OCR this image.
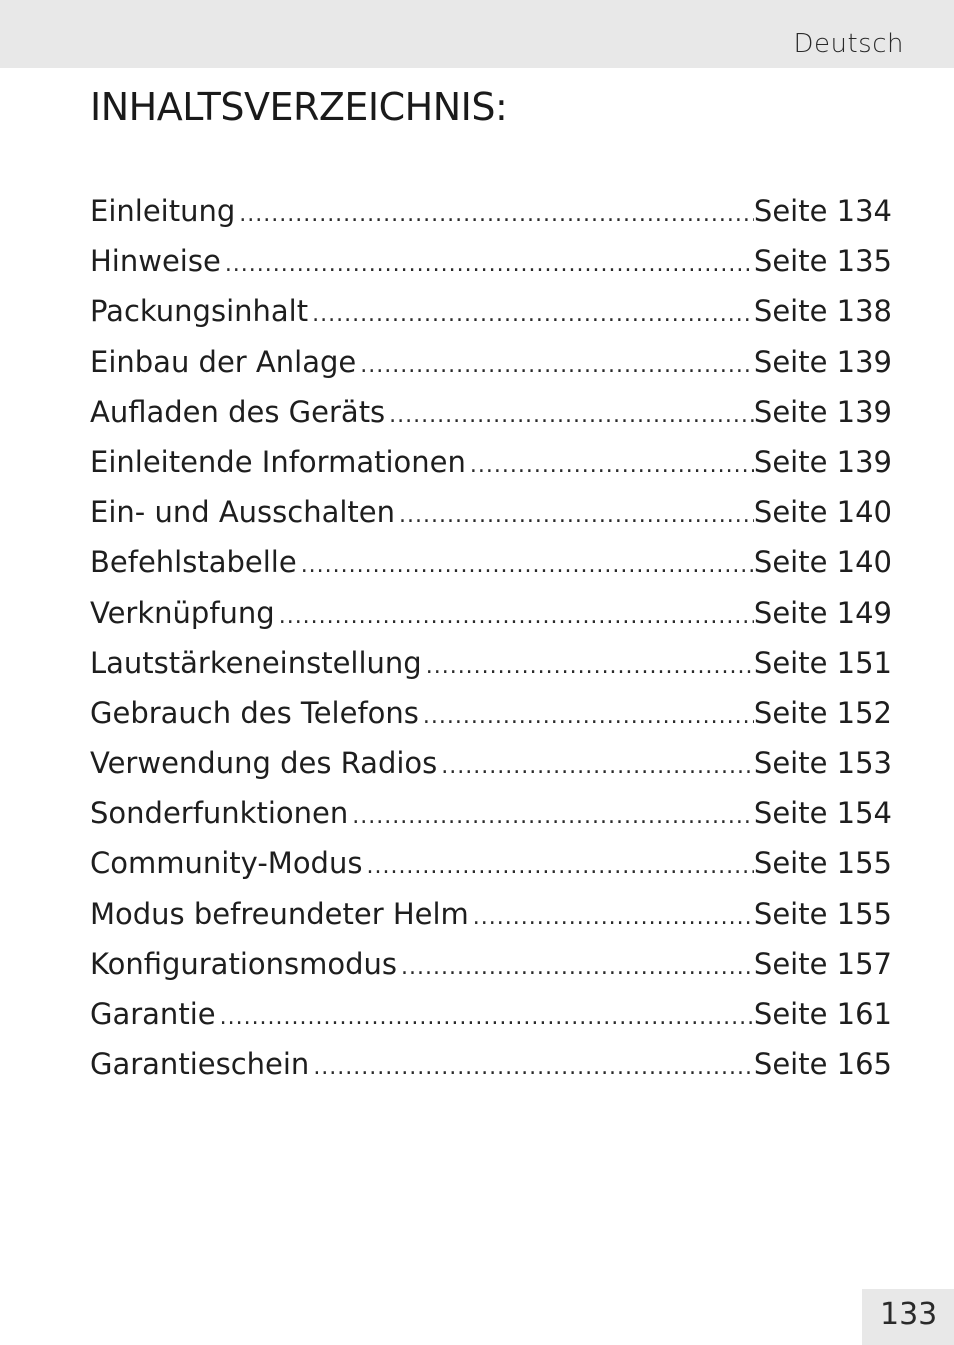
Deutsch
INHALTSVERZEICHNIS:
Einleitung .....	Seite 134
Hinweise .....	Seite 135
Packungsinhalt .....	Seite 138
Einbau der Anlage .....	Seite 139
Aufladen des Geräts .....	Seite 139
Einleitende Informationen .....	Seite 139
Ein- und Ausschalten .....	Seite 140
Befehlstabelle .....	Seite 140
Verknüpfung .....	Seite 149
Lautstärkeneinstellung .....	Seite 151
Gebrauch des Telefons .....	Seite 152
Verwendung des Radios .....	Seite 153
Sonderfunktionen .....	Seite 154
Community-Modus .....	Seite 155
Modus befreundeter Helm .....	Seite 155
Konfigurationsmodus .....	Seite 157
Garantie .....	Seite 161
Garantieschein .....	Seite 165
133
